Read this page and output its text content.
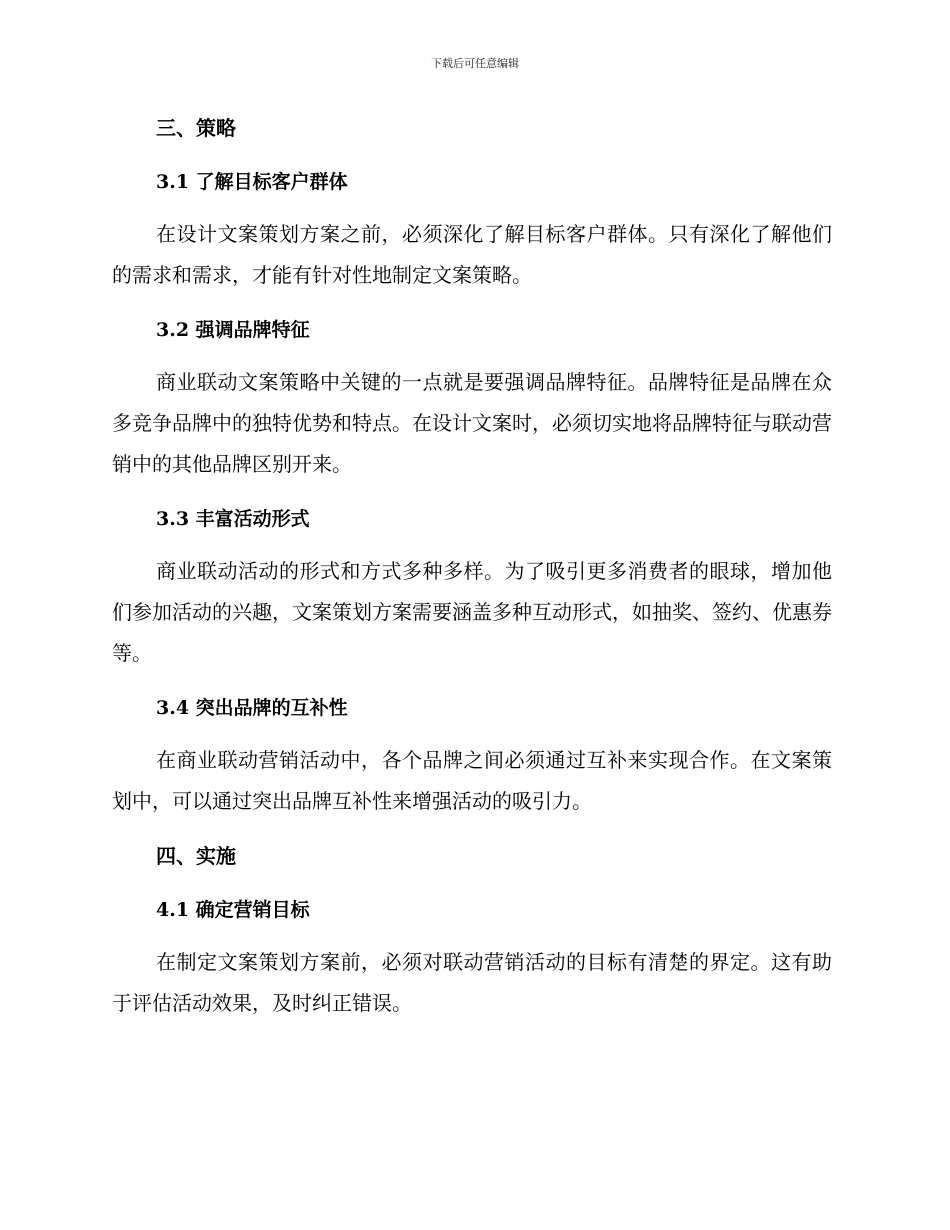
下载后可任意编辑
三、策略
3.1 了解目标客户群体

在设计文案策划方案之前，必须深化了解目标客户群体。只有深化了解他们的需求和需求，才能有针对性地制定文案策略。

3.2 强调品牌特征

商业联动文案策略中关键的一点就是要强调品牌特征。品牌特征是品牌在众多竞争品牌中的独特优势和特点。在设计文案时，必须切实地将品牌特征与联动营销中的其他品牌区别开来。

3.3 丰富活动形式

商业联动活动的形式和方式多种多样。为了吸引更多消费者的眼球，增加他们参加活动的兴趣，文案策划方案需要涵盖多种互动形式，如抽奖、签约、优惠券等。

3.4 突出品牌的互补性

在商业联动营销活动中，各个品牌之间必须通过互补来实现合作。在文案策划中，可以通过突出品牌互补性来增强活动的吸引力。

四、实施
4.1 确定营销目标

在制定文案策划方案前，必须对联动营销活动的目标有清楚的界定。这有助于评估活动效果，及时纠正错误。
